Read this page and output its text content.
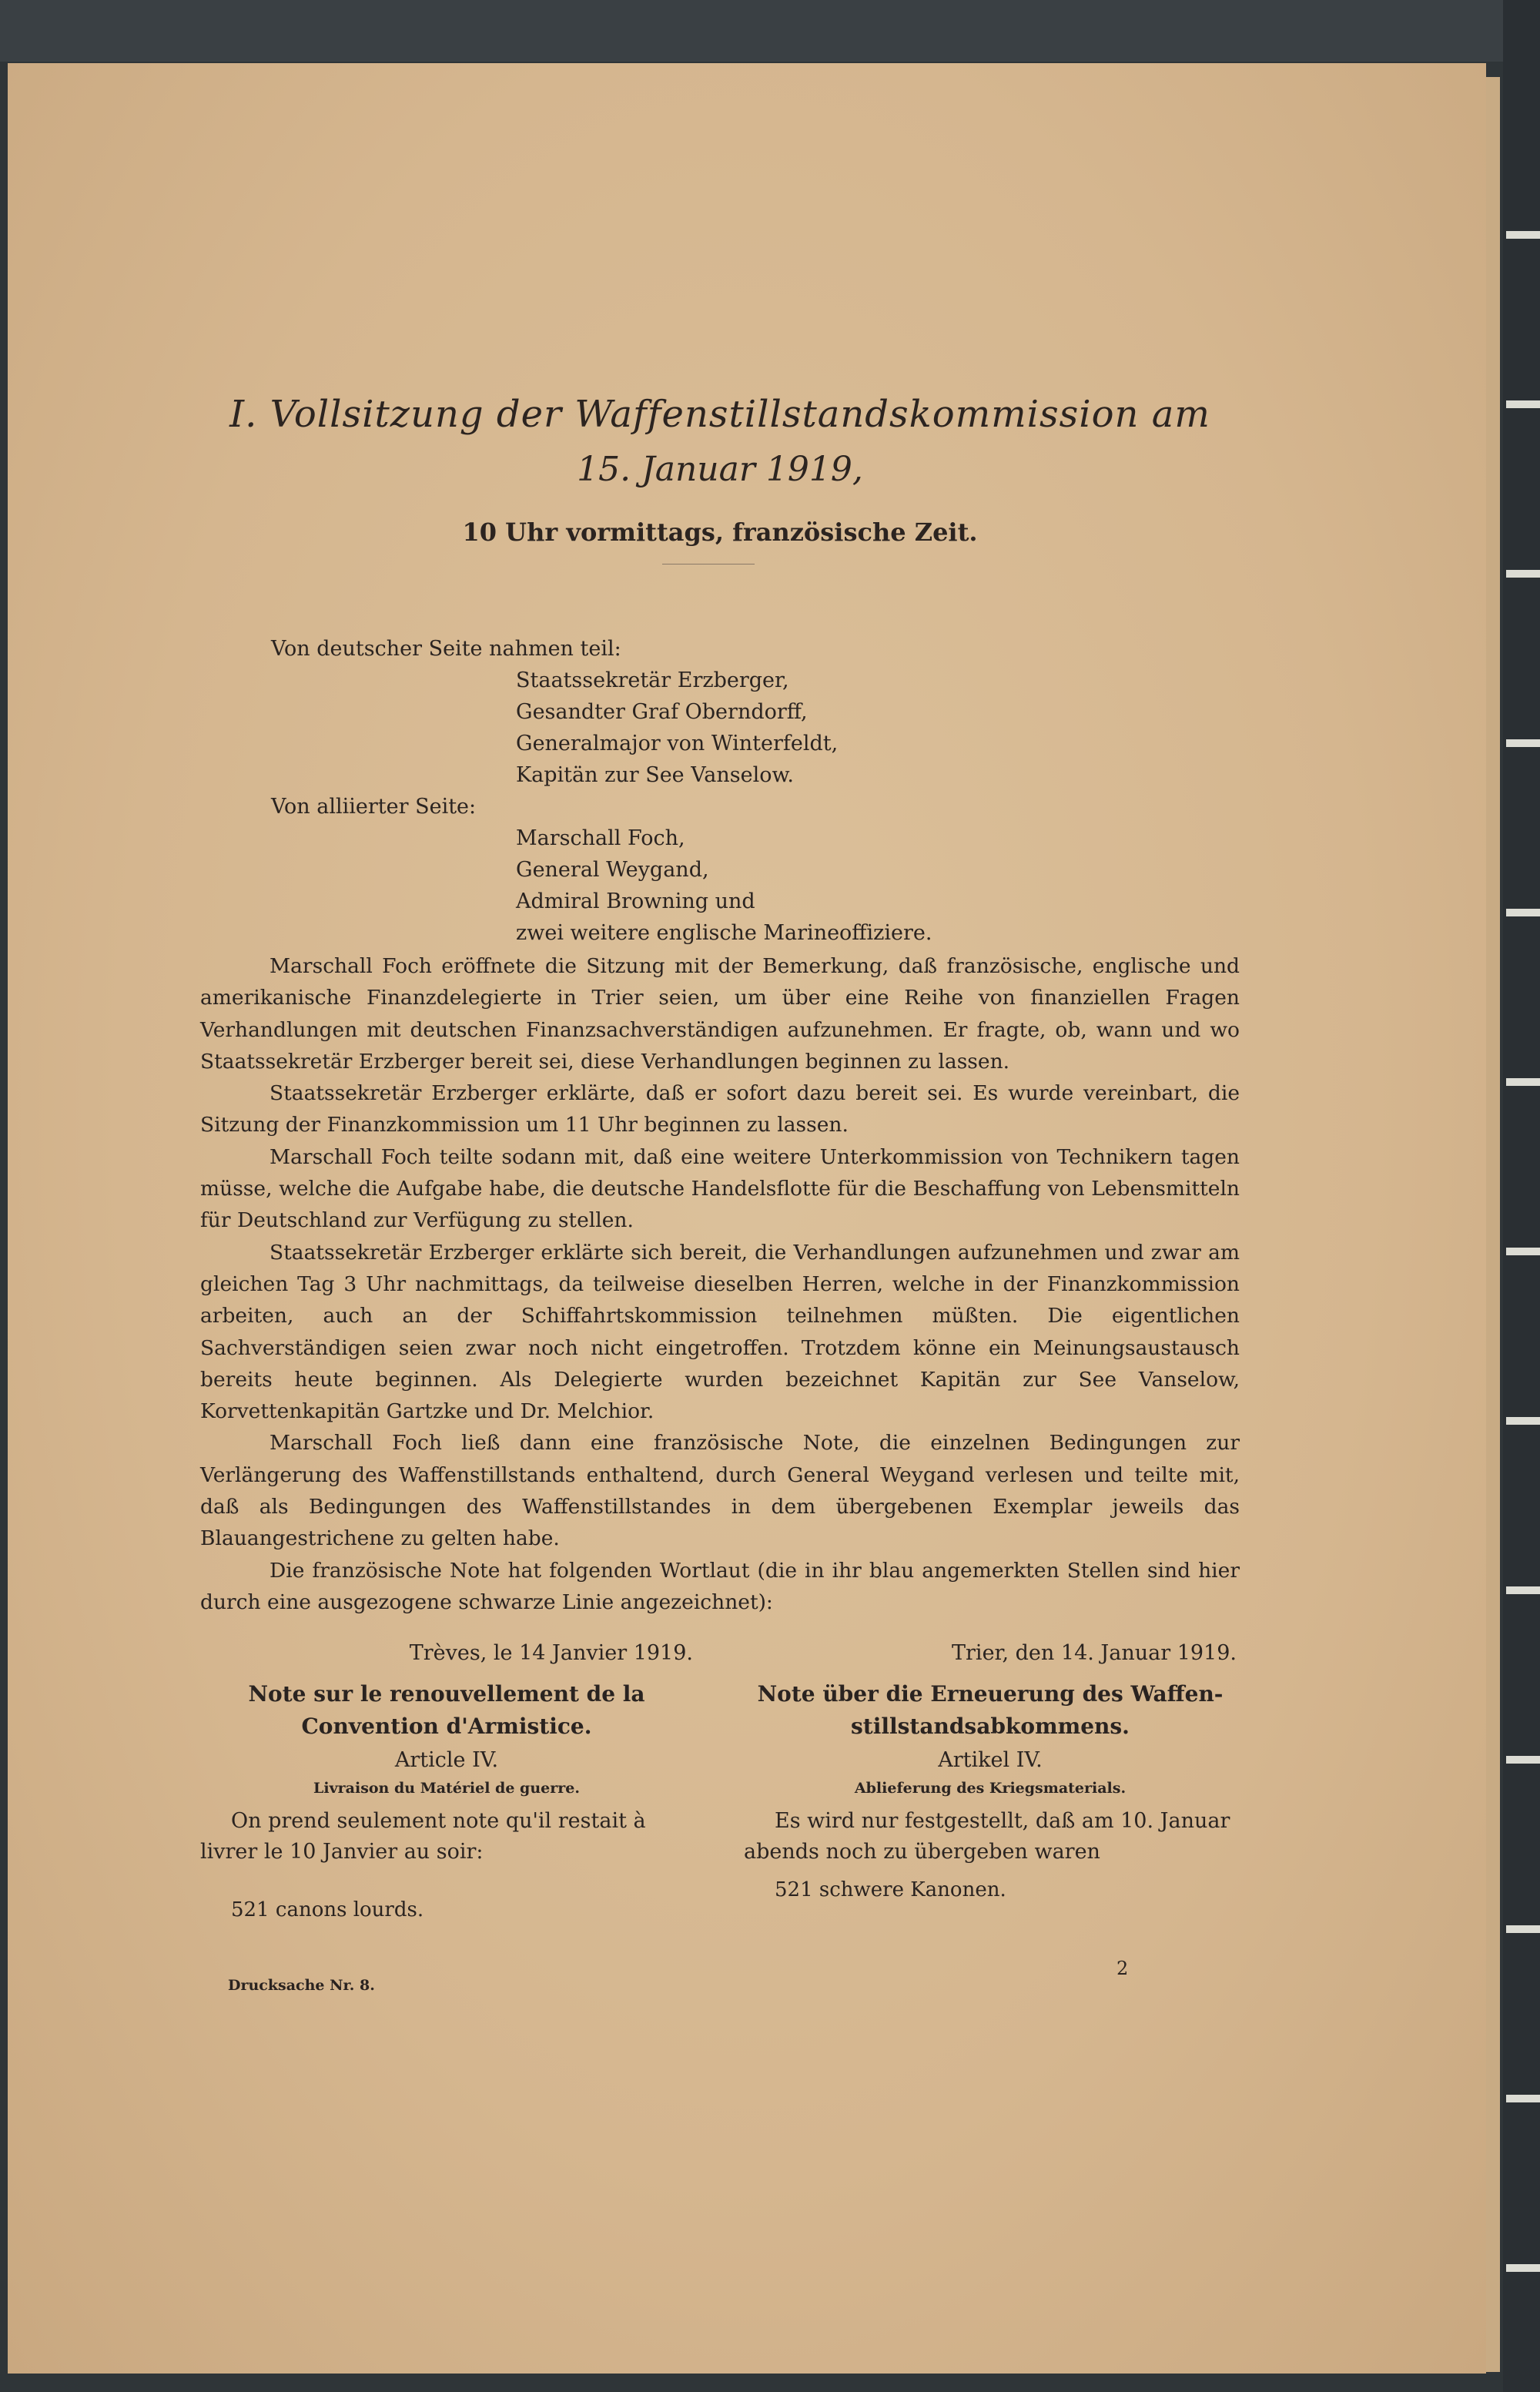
I. Vollsitzung der Waffenstillstandskommission am
15. Januar 1919,
10 Uhr vormittags, französische Zeit.
Von deutscher Seite nahmen teil:
Staatssekretär Erzberger,
Gesandter Graf Oberndorff,
Generalmajor von Winterfeldt,
Kapitän zur See Vanselow.
Von alliierter Seite:
Marschall Foch,
General Weygand,
Admiral Browning und
zwei weitere englische Marineoffiziere.

Marschall Foch eröffnete die Sitzung mit der Bemerkung, daß französische, englische und amerikanische Finanzdelegierte in Trier seien, um über eine Reihe von finanziellen Fragen Verhandlungen mit deutschen Finanzsachverständigen aufzunehmen. Er fragte, ob, wann und wo Staatssekretär Erzberger bereit sei, diese Verhandlungen beginnen zu lassen.

Staatssekretär Erzberger erklärte, daß er sofort dazu bereit sei. Es wurde vereinbart, die Sitzung der Finanzkommission um 11 Uhr beginnen zu lassen.

Marschall Foch teilte sodann mit, daß eine weitere Unterkommission von Technikern tagen müsse, welche die Aufgabe habe, die deutsche Handelsflotte für die Beschaffung von Lebensmitteln für Deutschland zur Verfügung zu stellen.

Staatssekretär Erzberger erklärte sich bereit, die Verhandlungen aufzunehmen und zwar am gleichen Tag 3 Uhr nachmittags, da teilweise dieselben Herren, welche in der Finanzkommission arbeiten, auch an der Schiffahrtskommission teilnehmen müßten. Die eigentlichen Sachverständigen seien zwar noch nicht eingetroffen. Trotzdem könne ein Meinungsaustausch bereits heute beginnen. Als Delegierte wurden bezeichnet Kapitän zur See Vanselow, Korvettenkapitän Gartzke und Dr. Melchior.

Marschall Foch ließ dann eine französische Note, die einzelnen Bedingungen zur Verlängerung des Waffenstillstands enthaltend, durch General Weygand verlesen und teilte mit, daß als Bedingungen des Waffenstillstandes in dem übergebenen Exemplar jeweils das Blauangestrichene zu gelten habe.

Die französische Note hat folgenden Wortlaut (die in ihr blau angemerkten Stellen sind hier durch eine ausgezogene schwarze Linie angezeichnet):

Trèves, le 14 Janvier 1919.
Note sur le renouvellement de la
Convention d'Armistice.
Article IV.
Livraison du Matériel de guerre.
On prend seulement note qu'il restait à livrer le 10 Janvier au soir:
521 canons lourds.
Trier, den 14. Januar 1919.
Note über die Erneuerung des Waffen-
stillstandsabkommens.
Artikel IV.
Ablieferung des Kriegsmaterials.
Es wird nur festgestellt, daß am 10. Januar abends noch zu übergeben waren
521 schwere Kanonen.
Drucksache Nr. 8.
2
